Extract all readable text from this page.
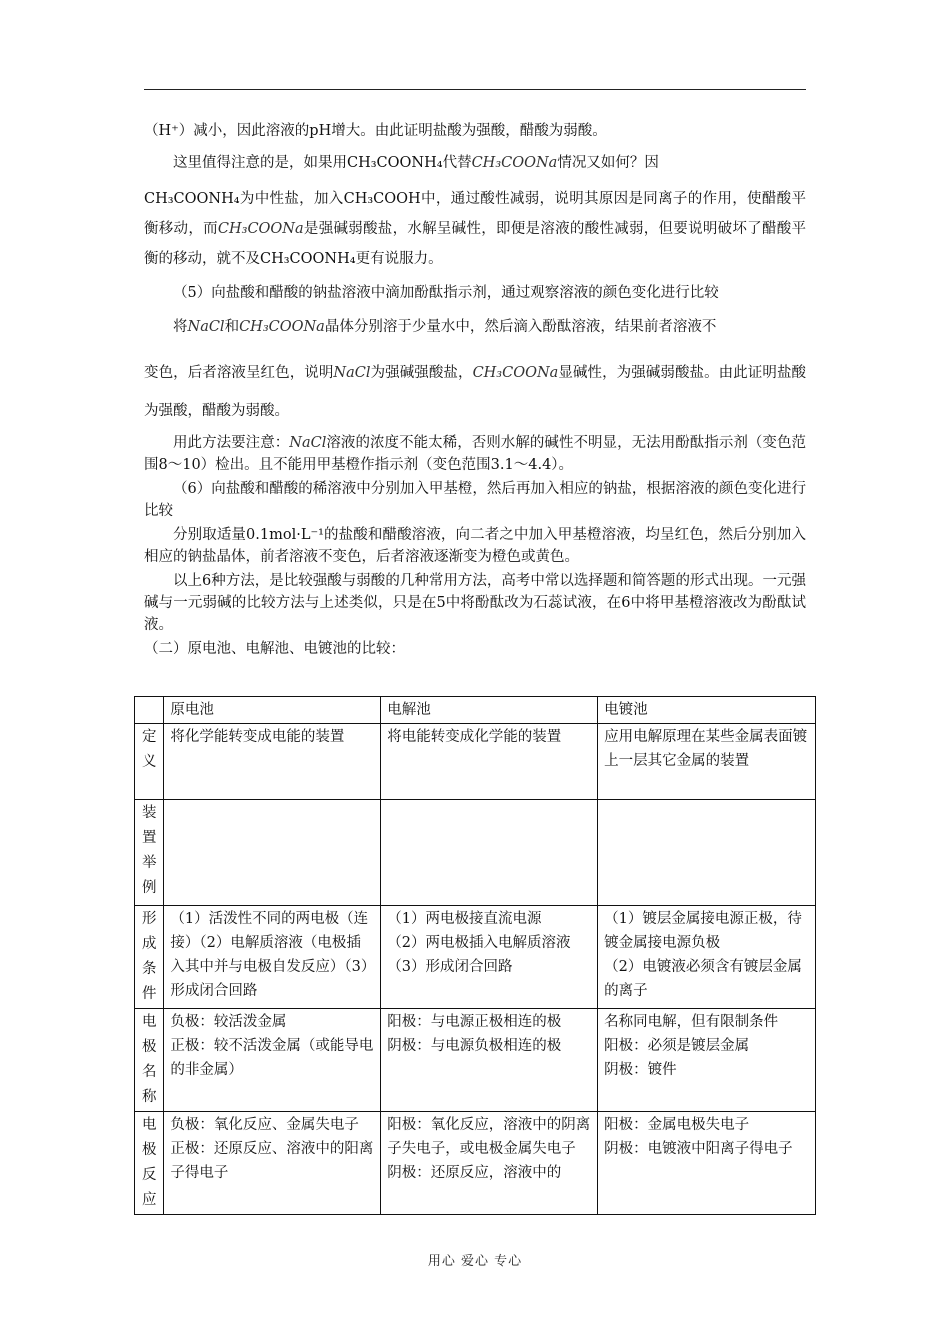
（H⁺）减小，因此溶液的pH增大。由此证明盐酸为强酸，醋酸为弱酸。

这里值得注意的是，如果用CH₃COONH₄代替CH₃COONa情况又如何？因

CH₃COONH₄为中性盐，加入CH₃COOH中，通过酸性减弱，说明其原因是同离子的作用，使醋酸平衡移动，而CH₃COONa是强碱弱酸盐，水解呈碱性，即便是溶液的酸性减弱，但要说明破坏了醋酸平衡的移动，就不及CH₃COONH₄更有说服力。

（5）向盐酸和醋酸的钠盐溶液中滴加酚酞指示剂，通过观察溶液的颜色变化进行比较

将NaCl和CH₃COONa晶体分别溶于少量水中，然后滴入酚酞溶液，结果前者溶液不

变色，后者溶液呈红色，说明NaCl为强碱强酸盐，CH₃COONa显碱性，为强碱弱酸盐。由此证明盐酸为强酸，醋酸为弱酸。

用此方法要注意：NaCl溶液的浓度不能太稀，否则水解的碱性不明显，无法用酚酞指示剂（变色范围8～10）检出。且不能用甲基橙作指示剂（变色范围3.1～4.4）。

（6）向盐酸和醋酸的稀溶液中分别加入甲基橙，然后再加入相应的钠盐，根据溶液的颜色变化进行比较

分别取适量0.1mol·L⁻¹的盐酸和醋酸溶液，向二者之中加入甲基橙溶液，均呈红色，然后分别加入相应的钠盐晶体，前者溶液不变色，后者溶液逐渐变为橙色或黄色。

以上6种方法，是比较强酸与弱酸的几种常用方法，高考中常以选择题和简答题的形式出现。一元强碱与一元弱碱的比较方法与上述类似，只是在5中将酚酞改为石蕊试液，在6中将甲基橙溶液改为酚酞试液。

（二）原电池、电解池、电镀池的比较：

	原电池	电解池	电镀池
定义	将化学能转变成电能的装置	将电能转变成化学能的装置	应用电解原理在某些金属表面镀上一层其它金属的装置
装置举例			
形成条件	（1）活泼性不同的两电极（连接）（2）电解质溶液（电极插入其中并与电极自发反应）（3）形成闭合回路	（1）两电极接直流电源
（2）两电极插入电解质溶液
（3）形成闭合回路	（1）镀层金属接电源正极，待镀金属接电源负极
（2）电镀液必须含有镀层金属的离子
电极名称	负极：较活泼金属
正极：较不活泼金属（或能导电的非金属）	阳极：与电源正极相连的极
阴极：与电源负极相连的极	名称同电解，但有限制条件
阳极：必须是镀层金属
阴极：镀件
电极反应	负极：氧化反应、金属失电子
正极：还原反应、溶液中的阳离子得电子	阳极：氧化反应，溶液中的阴离子失电子，或电极金属失电子
阴极：还原反应，溶液中的	阳极：金属电极失电子
阴极：电镀液中阳离子得电子
用心 爱心 专心
